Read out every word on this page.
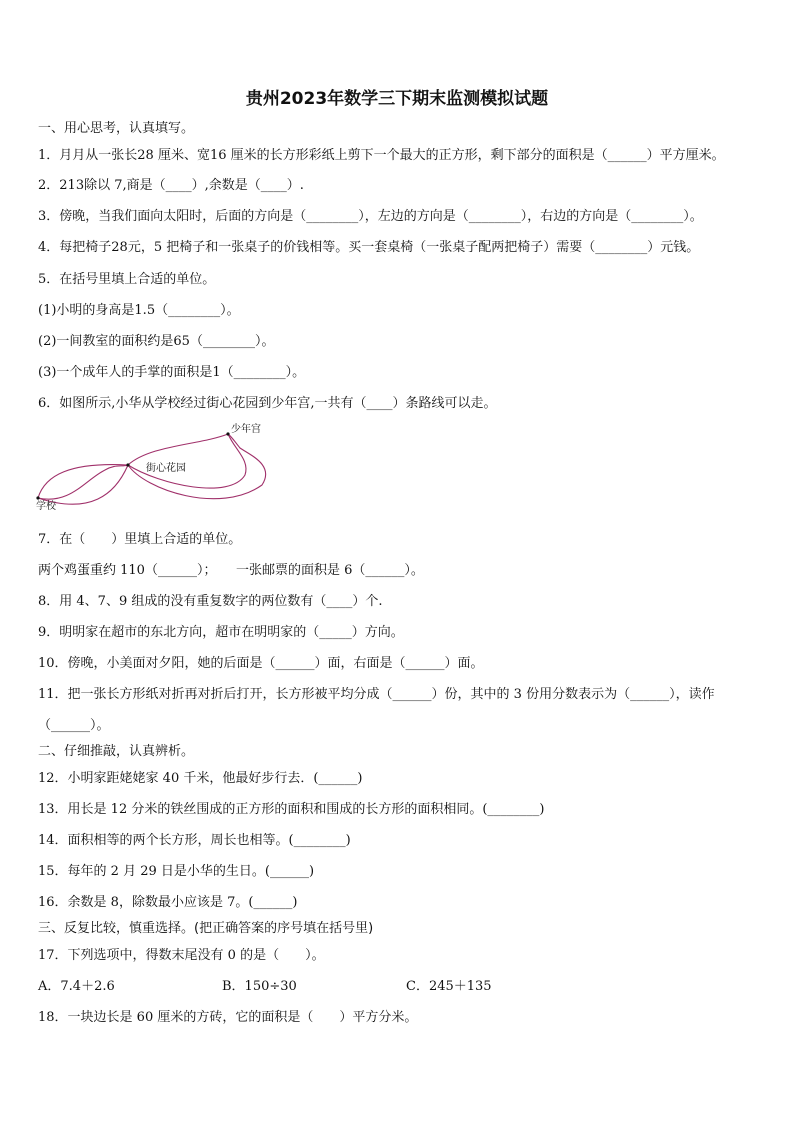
贵州2023年数学三下期末监测模拟试题
一、用心思考，认真填写。
1．月月从一张长28 厘米、宽16 厘米的长方形彩纸上剪下一个最大的正方形，剩下部分的面积是（______）平方厘米。
2．213除以 7,商是（____）,余数是（____）.
3．傍晚，当我们面向太阳时，后面的方向是（________），左边的方向是（________），右边的方向是（________）。
4．每把椅子28元，5 把椅子和一张桌子的价钱相等。买一套桌椅（一张桌子配两把椅子）需要（________）元钱。
5．在括号里填上合适的单位。
(1)小明的身高是1.5（________）。
(2)一间教室的面积约是65（________）。
(3)一个成年人的手掌的面积是1（________）。
6．如图所示,小华从学校经过街心花园到少年宫,一共有（____）条路线可以走。
学校
街心花园
少年宫
7．在（　　）里填上合适的单位。
两个鸡蛋重约 110（______）；　　一张邮票的面积是 6（______）。
8．用 4、7、9 组成的没有重复数字的两位数有（____）个.
9．明明家在超市的东北方向，超市在明明家的（_____）方向。
10．傍晚，小美面对夕阳，她的后面是（______）面，右面是（______）面。
11．把一张长方形纸对折再对折后打开，长方形被平均分成（______）份，其中的 3 份用分数表示为（______），读作
（______）。
二、仔细推敲，认真辨析。
12．小明家距姥姥家 40 千米，他最好步行去．(______)
13．用长是 12 分米的铁丝围成的正方形的面积和围成的长方形的面积相同。(________)
14．面积相等的两个长方形，周长也相等。(________)
15．每年的 2 月 29 日是小华的生日。(______)
16．余数是 8，除数最小应该是 7。(______)
三、反复比较，慎重选择。(把正确答案的序号填在括号里)
17．下列选项中，得数末尾没有 0 的是（　　）。
A．7.4＋2.6	B．150÷30	C．245＋135
18．一块边长是 60 厘米的方砖，它的面积是（　　）平方分米。
